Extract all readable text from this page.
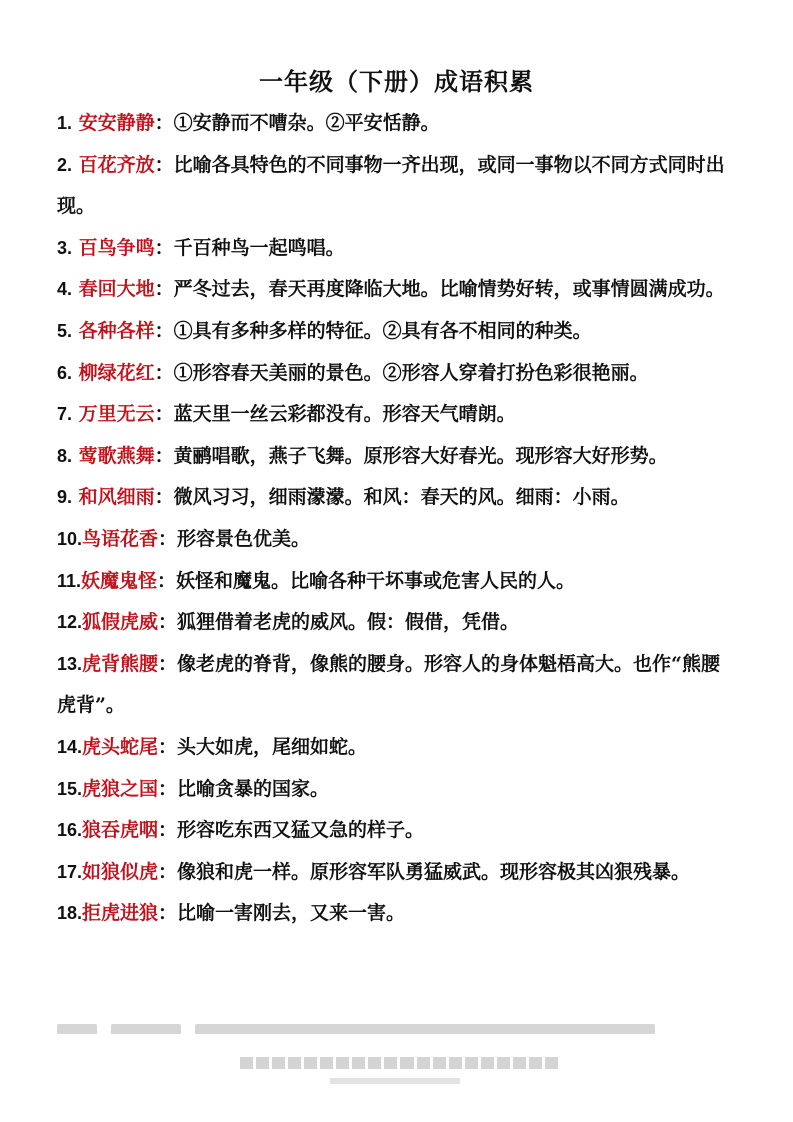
一年级（下册）成语积累

1. 安安静静：①安静而不嘈杂。②平安恬静。

2. 百花齐放：比喻各具特色的不同事物一齐出现，或同一事物以不同方式同时出现。

3. 百鸟争鸣：千百种鸟一起鸣唱。

4. 春回大地：严冬过去，春天再度降临大地。比喻情势好转，或事情圆满成功。

5. 各种各样：①具有多种多样的特征。②具有各不相同的种类。

6. 柳绿花红：①形容春天美丽的景色。②形容人穿着打扮色彩很艳丽。

7. 万里无云：蓝天里一丝云彩都没有。形容天气晴朗。

8. 莺歌燕舞：黄鹂唱歌，燕子飞舞。原形容大好春光。现形容大好形势。

9. 和风细雨：微风习习，细雨濛濛。和风：春天的风。细雨：小雨。

10.鸟语花香：形容景色优美。

11.妖魔鬼怪：妖怪和魔鬼。比喻各种干坏事或危害人民的人。

12.狐假虎威：狐狸借着老虎的威风。假：假借，凭借。

13.虎背熊腰：像老虎的脊背，像熊的腰身。形容人的身体魁梧高大。也作“熊腰虎背”。

14.虎头蛇尾：头大如虎，尾细如蛇。

15.虎狼之国：比喻贪暴的国家。

16.狼吞虎咽：形容吃东西又猛又急的样子。

17.如狼似虎：像狼和虎一样。原形容军队勇猛威武。现形容极其凶狠残暴。

18.拒虎进狼：比喻一害刚去，又来一害。
